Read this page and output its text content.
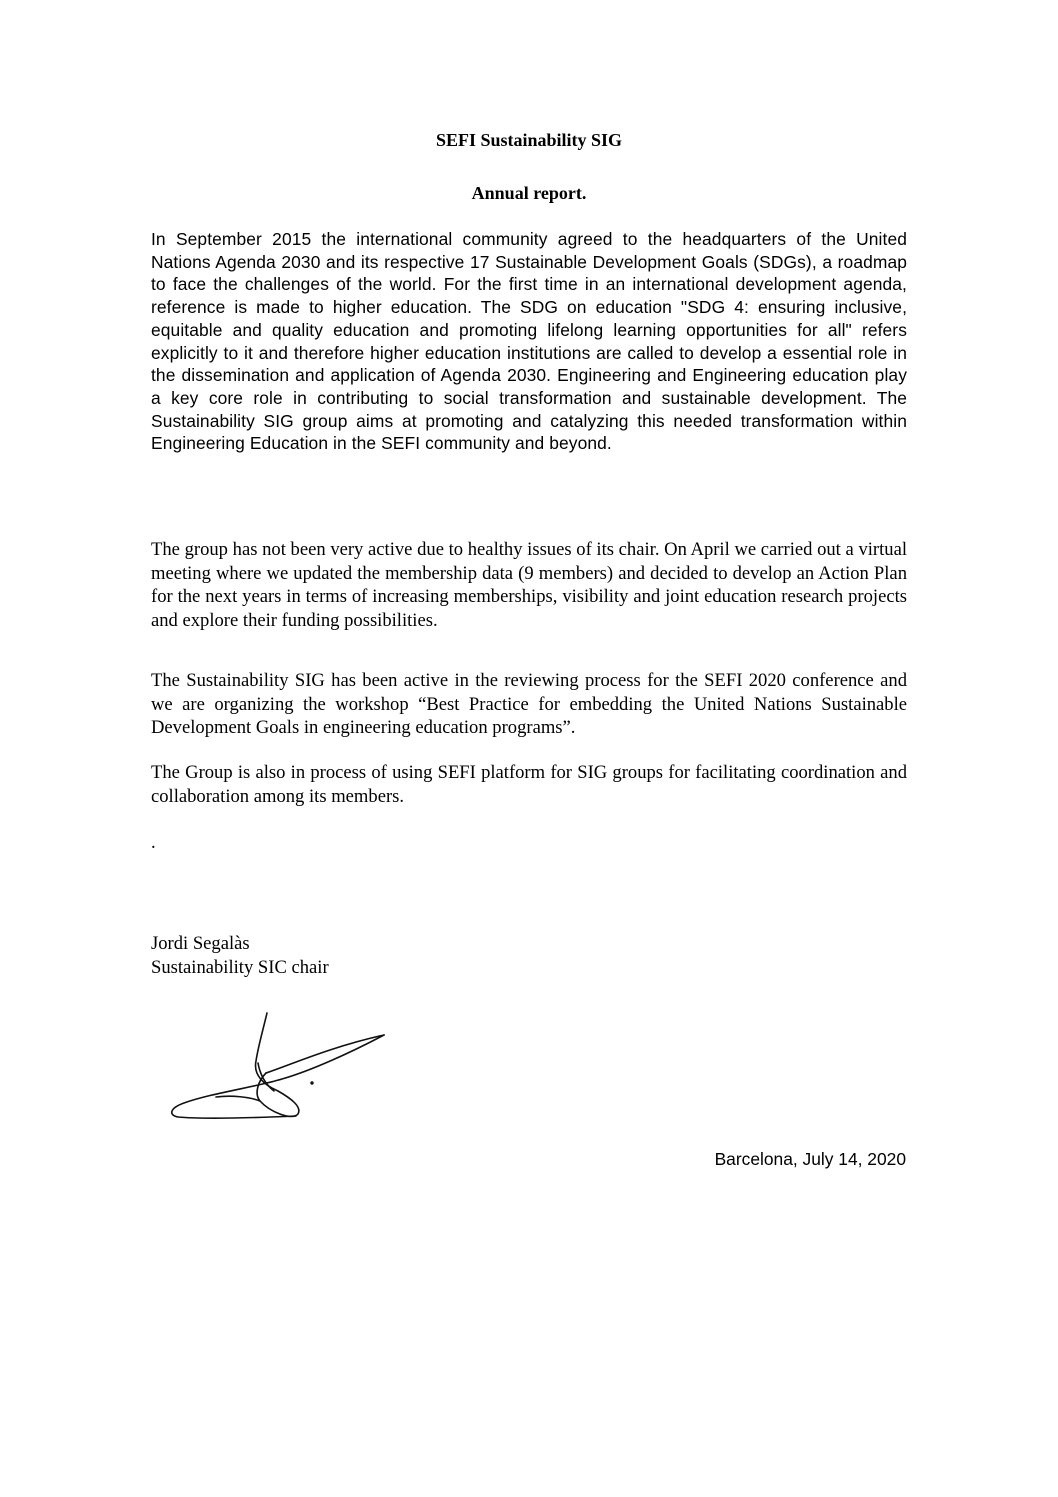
SEFI Sustainability SIG
Annual report.

In September 2015 the international community agreed to the headquarters of the United Nations Agenda 2030 and its respective 17 Sustainable Development Goals (SDGs), a roadmap to face the challenges of the world. For the first time in an international development agenda, reference is made to higher education. The SDG on education "SDG 4: ensuring inclusive, equitable and quality education and promoting lifelong learning opportunities for all" refers explicitly to it and therefore higher education institutions are called to develop a essential role in the dissemination and application of Agenda 2030. Engineering and Engineering education play a key core role in contributing to social transformation and sustainable development. The Sustainability SIG group aims at promoting and catalyzing this needed transformation within Engineering Education in the SEFI community and beyond.

The group has not been very active due to healthy issues of its chair. On April we carried out a virtual meeting where we updated the membership data (9 members) and decided to develop an Action Plan for the next years in terms of increasing memberships, visibility and joint education research projects and explore their funding possibilities.

The Sustainability SIG has been active in the reviewing process for the SEFI 2020 conference and we are organizing the workshop “Best Practice for embedding the United Nations Sustainable Development Goals in engineering education programs”.

The Group is also in process of using SEFI platform for SIG groups for facilitating coordination and collaboration among its members.

.

Jordi Segalàs

Sustainability SIC chair

Barcelona, July 14, 2020
